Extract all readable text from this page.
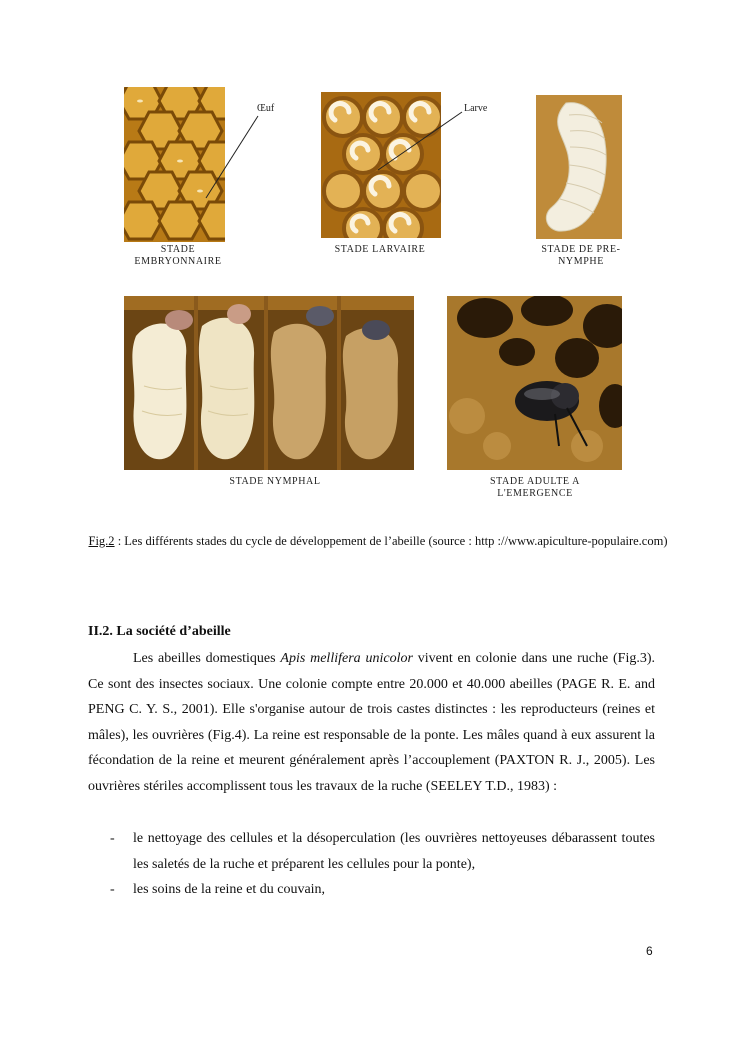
Œuf
STADE
EMBRYONNAIRE
Larve
STADE LARVAIRE	STADE DE PRE-
NYMPHE
STADE NYMPHAL	STADE ADULTE A
L'EMERGENCE
Fig.2 : Les différents stades du cycle de développement de l’abeille (source : http ://www.apiculture-populaire.com)
II.2. La société d’abeille
Les abeilles domestiques Apis mellifera unicolor vivent en colonie dans une ruche (Fig.3). Ce sont des insectes sociaux. Une colonie compte entre 20.000 et 40.000 abeilles (PAGE R. E. and PENG C. Y. S., 2001). Elle s'organise autour de trois castes distinctes : les reproducteurs (reines et mâles), les ouvrières (Fig.4). La reine est responsable de la ponte. Les mâles quand à eux assurent la fécondation de la reine et meurent généralement après l’accouplement (PAXTON R. J., 2005). Les ouvrières stériles accomplissent tous les travaux de la ruche (SEELEY T.D., 1983) :
- le nettoyage des cellules et la désoperculation (les ouvrières nettoyeuses débarassent toutes les saletés de la ruche et préparent les cellules pour la ponte),
- les soins de la reine et du couvain,
6
